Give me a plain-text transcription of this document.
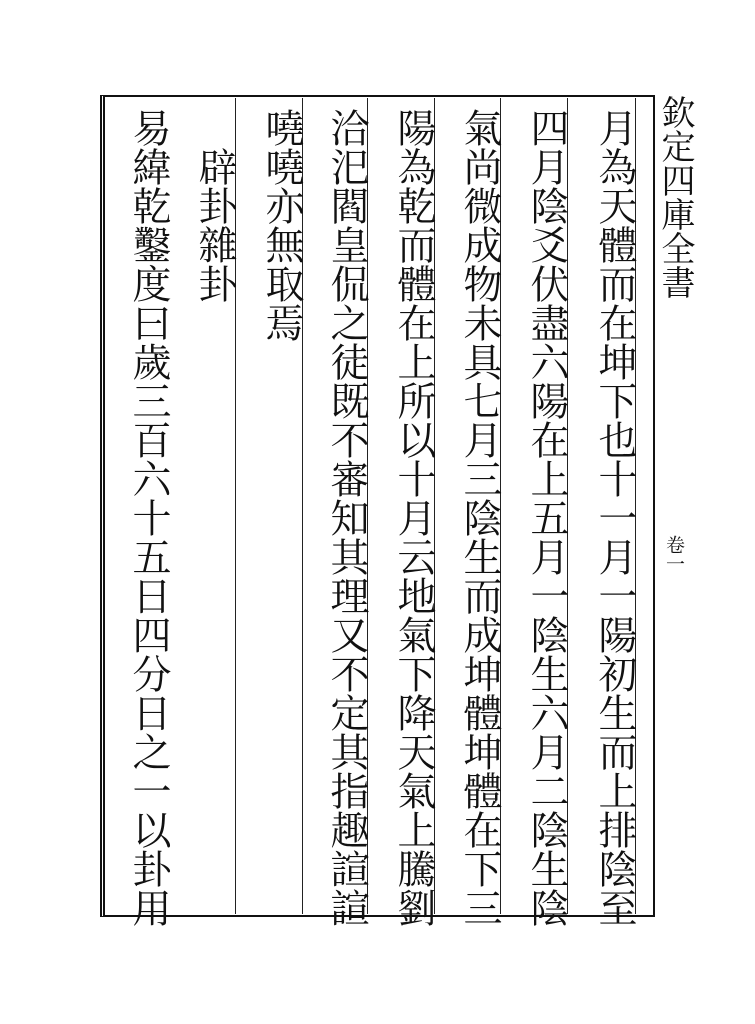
欽定四庫全書
卷一
月為天體而在坤下也十一月一陽初生而上排陰至
四月陰爻伏盡六陽在上五月一陰生六月二陰生陰
氣尚微成物未具七月三陰生而成坤體坤體在下三
陽為乾而體在上所以十月云地氣下降天氣上騰劉
洽汜閻皇侃之徒既不審知其理又不定其指趣諠諠
嘵嘵亦無取焉
　辟卦雜卦
易緯乾鑿度曰歲三百六十五日四分日之一以卦用
